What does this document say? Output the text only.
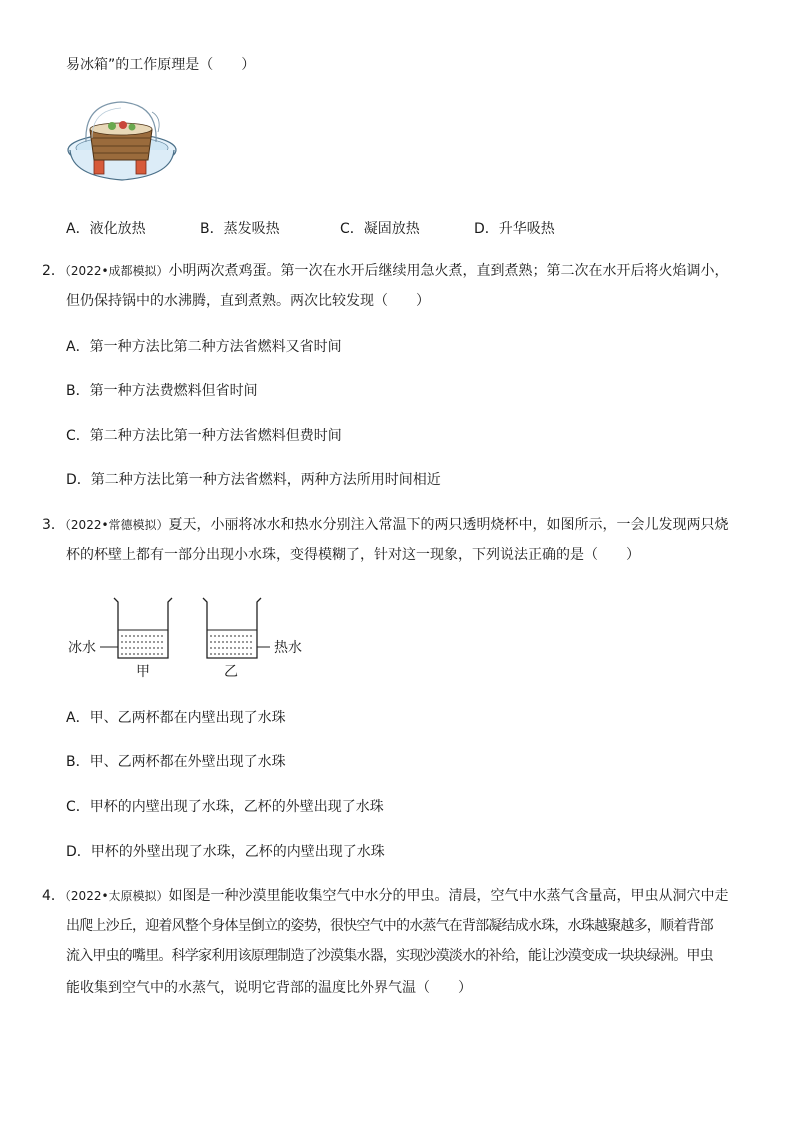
易冰箱”的工作原理是（　　）
A．液化放热	B．蒸发吸热	C．凝固放热	D．升华吸热
2．（2022•成都模拟）小明两次煮鸡蛋。第一次在水开后继续用急火煮，直到煮熟；第二次在水开后将火焰调小，
但仍保持锅中的水沸腾，直到煮熟。两次比较发现（　　）
A．第一种方法比第二种方法省燃料又省时间
B．第一种方法费燃料但省时间
C．第二种方法比第一种方法省燃料但费时间
D．第二种方法比第一种方法省燃料，两种方法所用时间相近
3．（2022•常德模拟）夏天，小丽将冰水和热水分别注入常温下的两只透明烧杯中，如图所示，一会儿发现两只烧
杯的杯壁上都有一部分出现小水珠，变得模糊了，针对这一现象，下列说法正确的是（　　）
冰水
甲
热水
乙
A．甲、乙两杯都在内壁出现了水珠
B．甲、乙两杯都在外壁出现了水珠
C．甲杯的内壁出现了水珠，乙杯的外壁出现了水珠
D．甲杯的外壁出现了水珠，乙杯的内壁出现了水珠
4．（2022•太原模拟）如图是一种沙漠里能收集空气中水分的甲虫。清晨，空气中水蒸气含量高，甲虫从洞穴中走
出爬上沙丘，迎着风整个身体呈倒立的姿势，很快空气中的水蒸气在背部凝结成水珠，水珠越聚越多，顺着背部
流入甲虫的嘴里。科学家利用该原理制造了沙漠集水器，实现沙漠淡水的补给，能让沙漠变成一块块绿洲。甲虫
能收集到空气中的水蒸气，说明它背部的温度比外界气温（　　）
